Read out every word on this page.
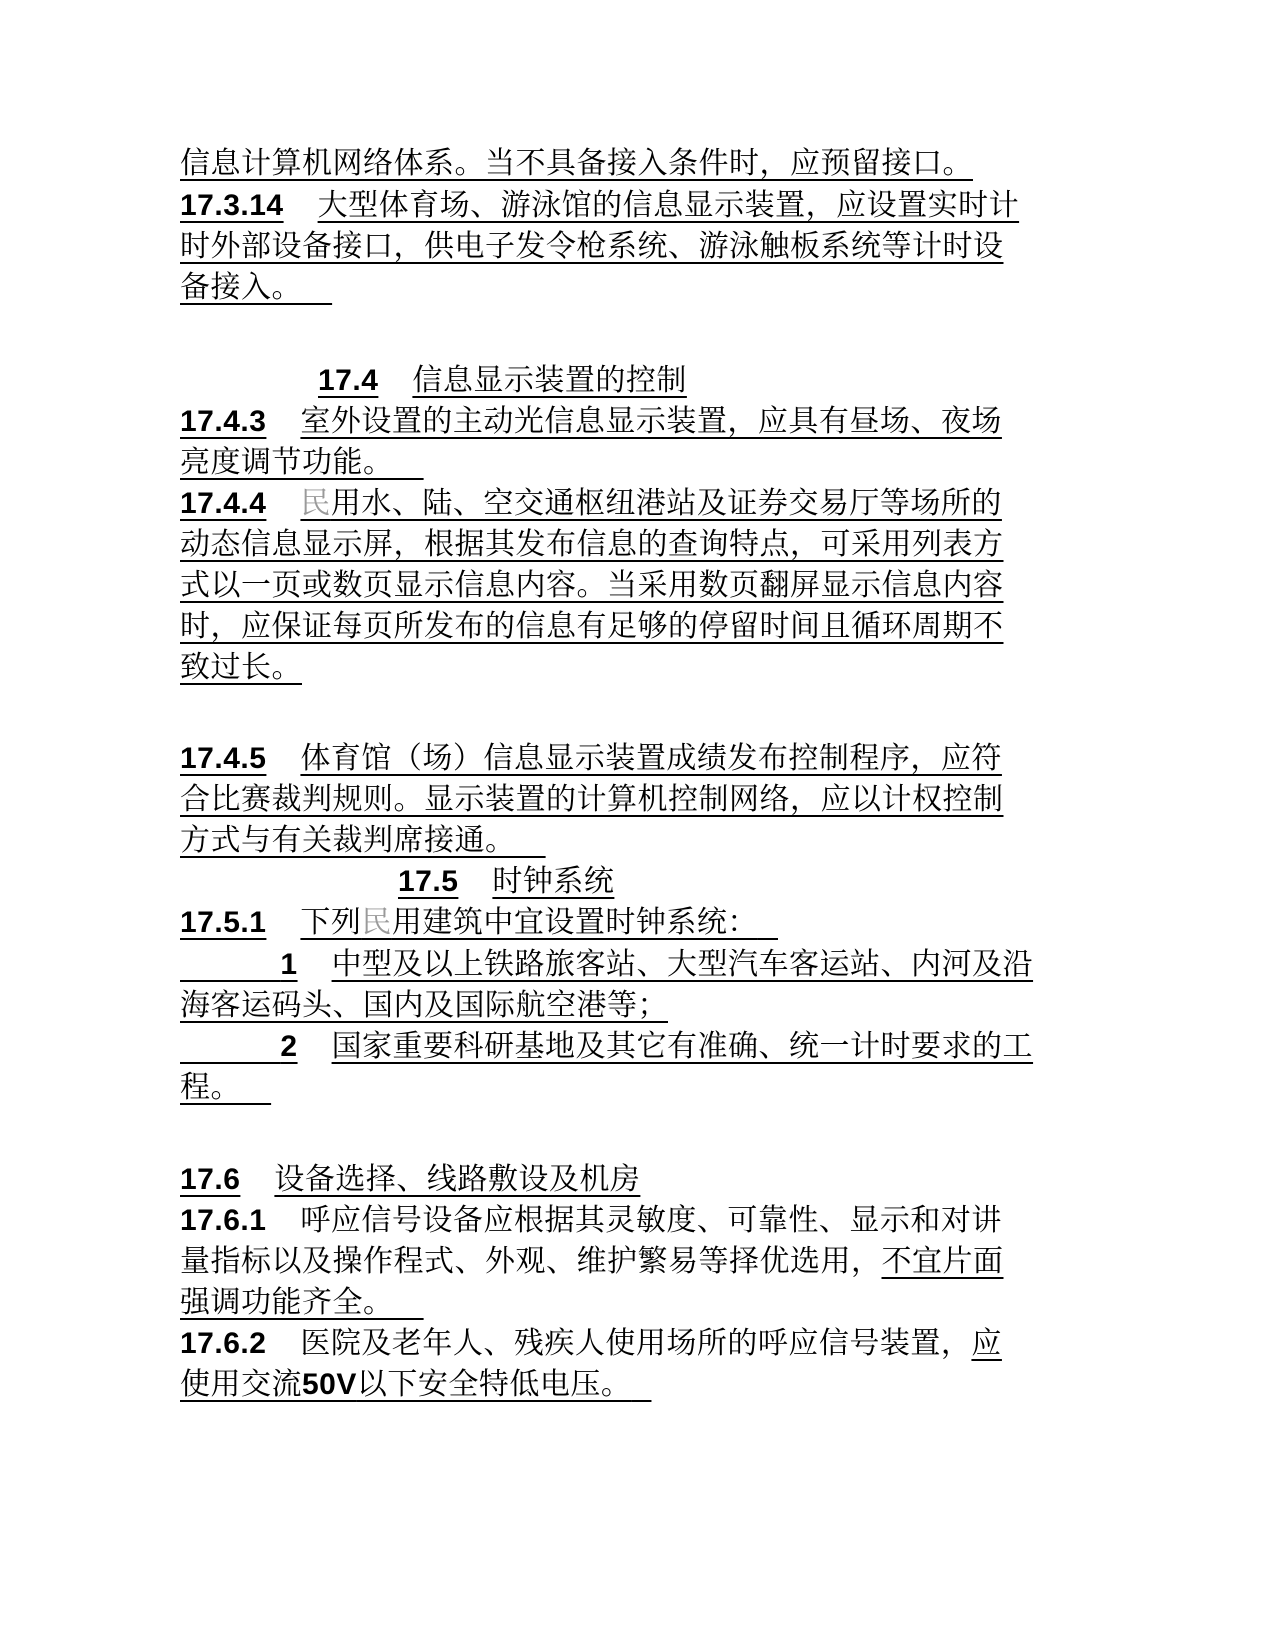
信息计算机网络体系。当不具备接入条件时，应预留接口。
17.3.14 大型体育场、游泳馆的信息显示装置，应设置实时计
时外部设备接口，供电子发令枪系统、游泳触板系统等计时设
备接入。
17.4 信息显示装置的控制
17.4.3 室外设置的主动光信息显示装置，应具有昼场、夜场
亮度调节功能。
17.4.4 民用水、陆、空交通枢纽港站及证券交易厅等场所的
动态信息显示屏，根据其发布信息的查询特点，可采用列表方
式以一页或数页显示信息内容。当采用数页翻屏显示信息内容
时，应保证每页所发布的信息有足够的停留时间且循环周期不
致过长。
17.4.5 体育馆（场）信息显示装置成绩发布控制程序，应符
合比赛裁判规则。显示装置的计算机控制网络，应以计权控制
方式与有关裁判席接通。
17.5 时钟系统
17.5.1 下列民用建筑中宜设置时钟系统：
1 中型及以上铁路旅客站、大型汽车客运站、内河及沿
海客运码头、国内及国际航空港等；
2 国家重要科研基地及其它有准确、统一计时要求的工
程。
17.6 设备选择、线路敷设及机房
17.6.1 呼应信号设备应根据其灵敏度、可靠性、显示和对讲
量指标以及操作程式、外观、维护繁易等择优选用，不宜片面
强调功能齐全。
17.6.2 医院及老年人、残疾人使用场所的呼应信号装置，应
使用交流50V以下安全特低电压。
